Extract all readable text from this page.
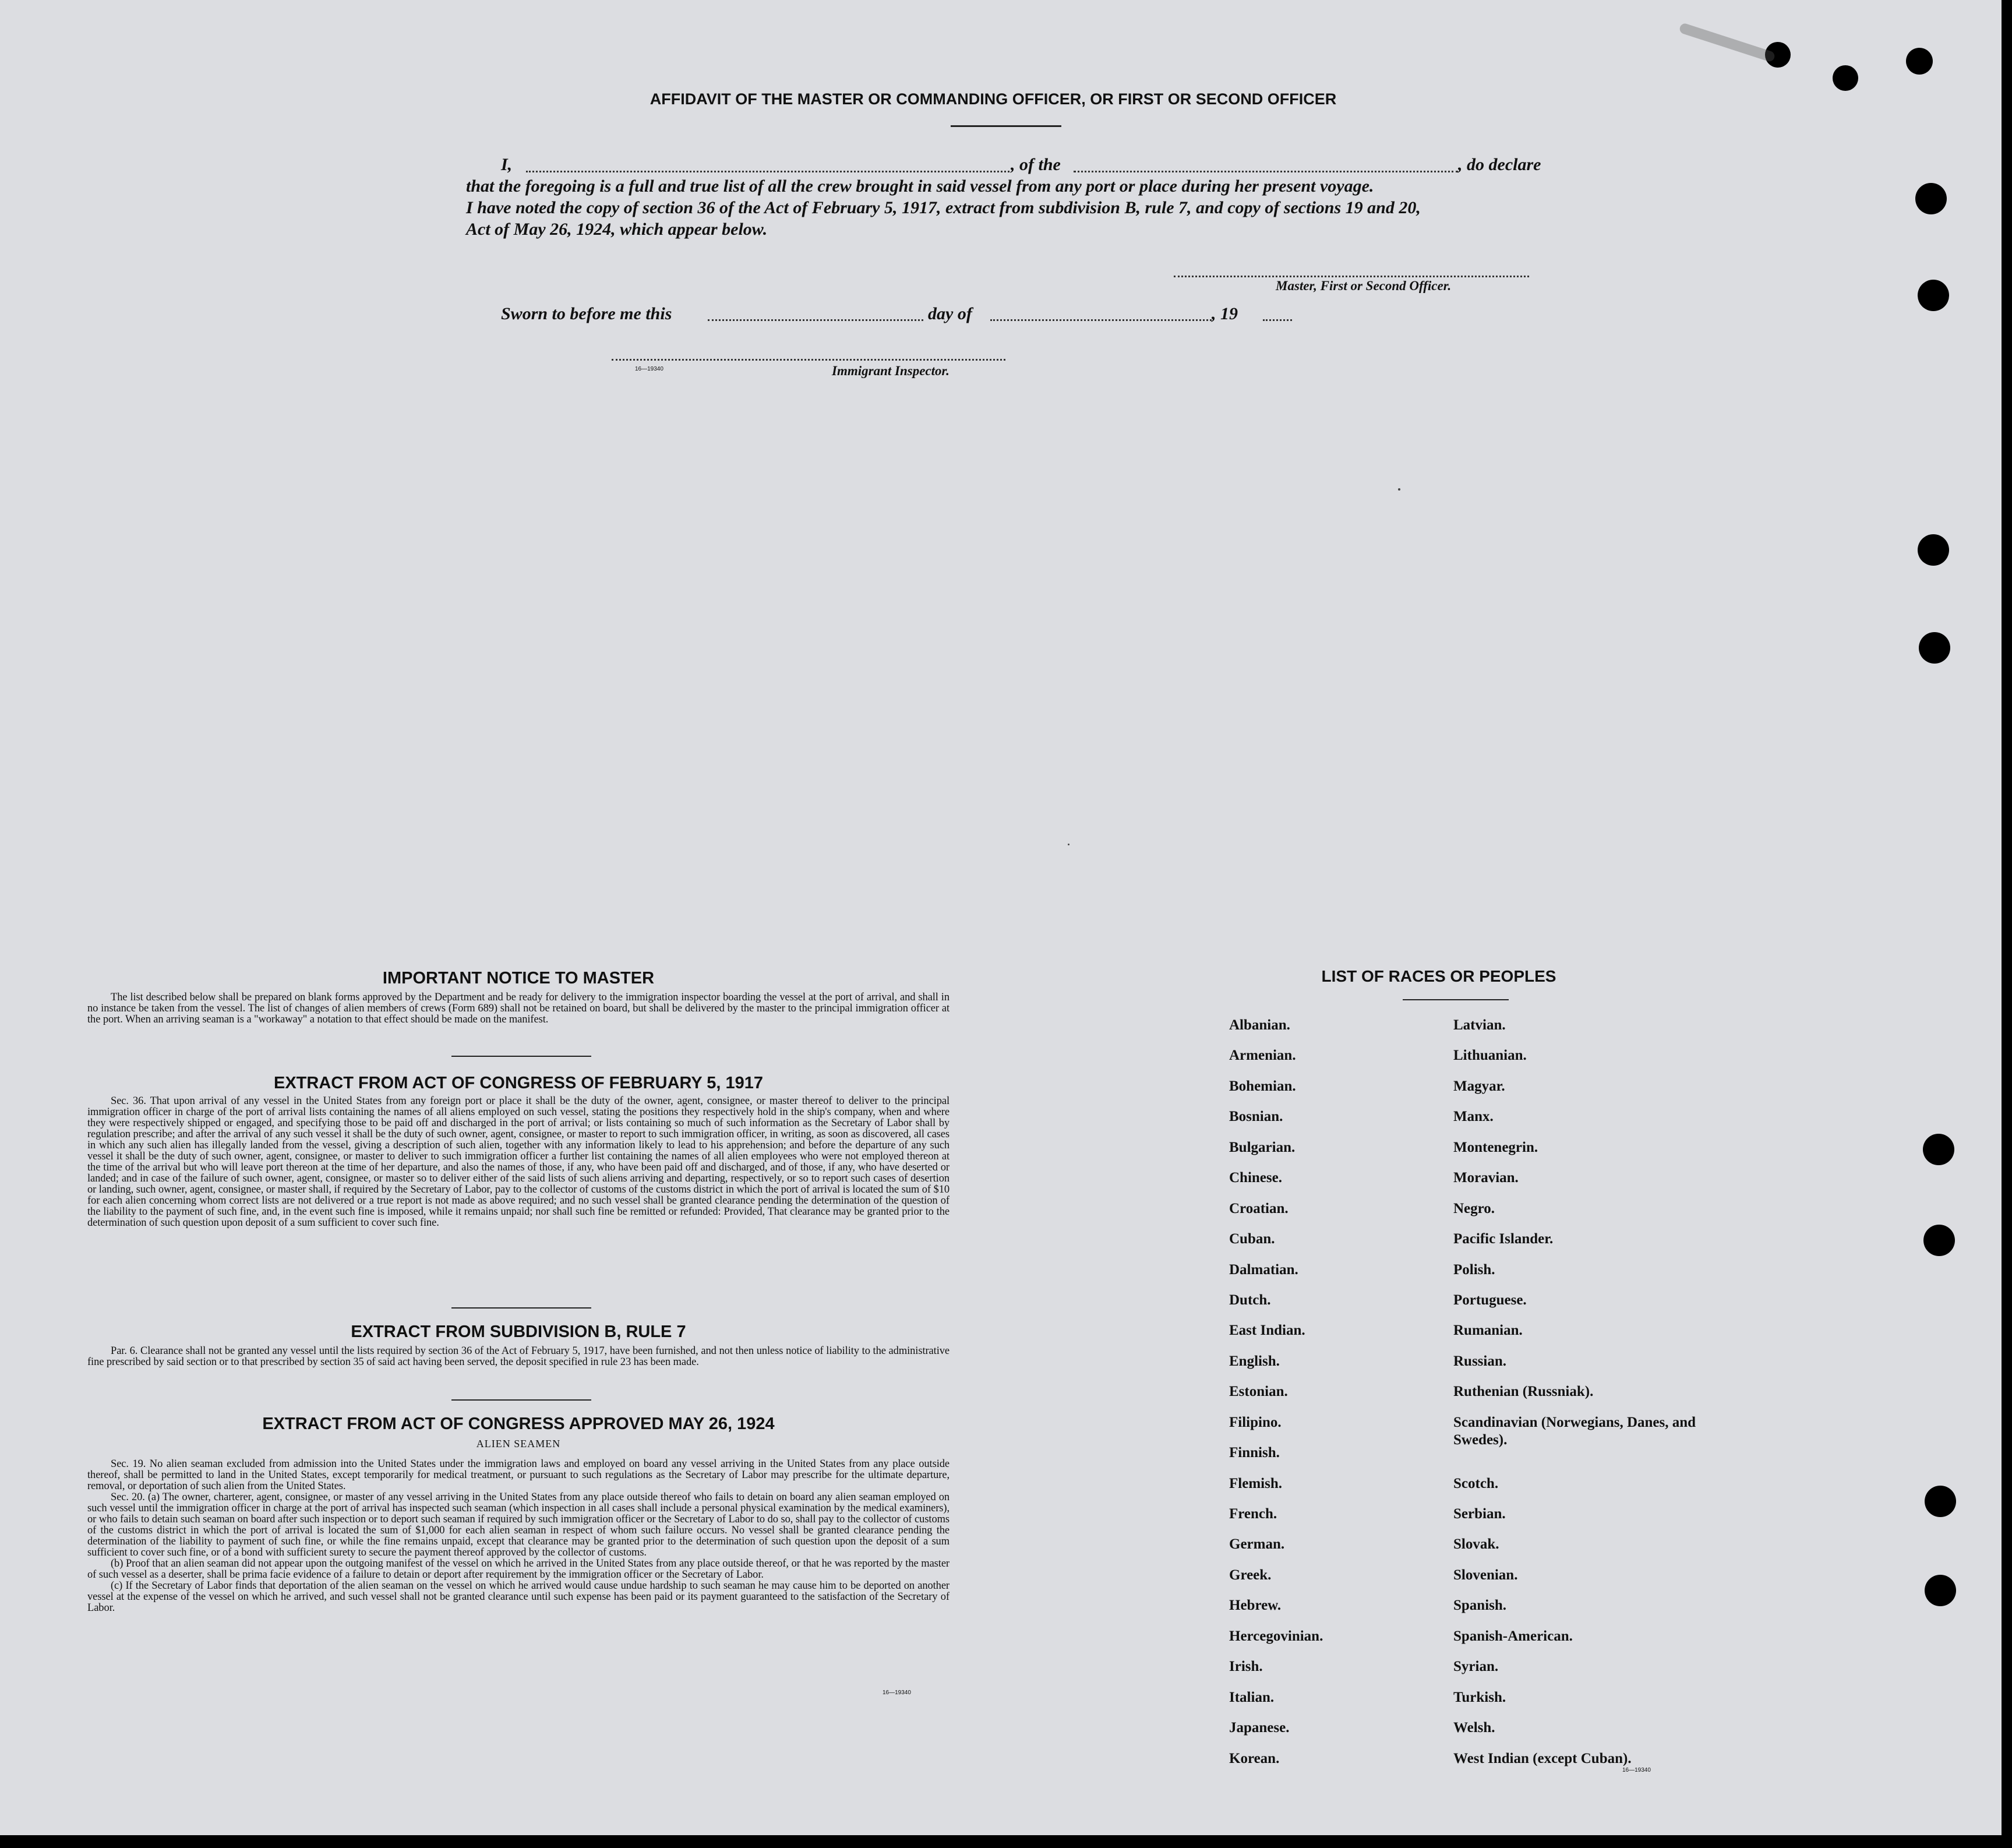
AFFIDAVIT OF THE MASTER OR COMMANDING OFFICER, OR FIRST OR SECOND OFFICER
I,	, of the	, do declare
that the foregoing is a full and true list of all the crew brought in said vessel from any port or place during her present voyage.
I have noted the copy of section 36 of the Act of February 5, 1917, extract from subdivision B, rule 7, and copy of sections 19 and 20,
Act of May 26, 1924, which appear below.
Master, First or Second Officer.
Sworn to before me this	day of	, 19
16—19340	Immigrant Inspector.
IMPORTANT NOTICE TO MASTER

The list described below shall be prepared on blank forms approved by the Department and be ready for delivery to the immigration inspector boarding the vessel at the port of arrival, and shall in no instance be taken from the vessel. The list of changes of alien members of crews (Form 689) shall not be retained on board, but shall be delivered by the master to the principal immigration officer at the port. When an arriving seaman is a "workaway" a notation to that effect should be made on the manifest.

EXTRACT FROM ACT OF CONGRESS OF FEBRUARY 5, 1917

Sec. 36. That upon arrival of any vessel in the United States from any foreign port or place it shall be the duty of the owner, agent, consignee, or master thereof to deliver to the principal immigration officer in charge of the port of arrival lists containing the names of all aliens employed on such vessel, stating the positions they respectively hold in the ship's company, when and where they were respectively shipped or engaged, and specifying those to be paid off and discharged in the port of arrival; or lists containing so much of such information as the Secretary of Labor shall by regulation prescribe; and after the arrival of any such vessel it shall be the duty of such owner, agent, consignee, or master to report to such immigration officer, in writing, as soon as discovered, all cases in which any such alien has illegally landed from the vessel, giving a description of such alien, together with any information likely to lead to his apprehension; and before the departure of any such vessel it shall be the duty of such owner, agent, consignee, or master to deliver to such immigration officer a further list containing the names of all alien employees who were not employed thereon at the time of the arrival but who will leave port thereon at the time of her departure, and also the names of those, if any, who have been paid off and discharged, and of those, if any, who have deserted or landed; and in case of the failure of such owner, agent, consignee, or master so to deliver either of the said lists of such aliens arriving and departing, respectively, or so to report such cases of desertion or landing, such owner, agent, consignee, or master shall, if required by the Secretary of Labor, pay to the collector of customs of the customs district in which the port of arrival is located the sum of $10 for each alien concerning whom correct lists are not delivered or a true report is not made as above required; and no such vessel shall be granted clearance pending the determination of the question of the liability to the payment of such fine, and, in the event such fine is imposed, while it remains unpaid; nor shall such fine be remitted or refunded: Provided, That clearance may be granted prior to the determination of such question upon deposit of a sum sufficient to cover such fine.

EXTRACT FROM SUBDIVISION B, RULE 7

Par. 6. Clearance shall not be granted any vessel until the lists required by section 36 of the Act of February 5, 1917, have been furnished, and not then unless notice of liability to the administrative fine prescribed by said section or to that prescribed by section 35 of said act having been served, the deposit specified in rule 23 has been made.

EXTRACT FROM ACT OF CONGRESS APPROVED MAY 26, 1924
ALIEN SEAMEN

Sec. 19. No alien seaman excluded from admission into the United States under the immigration laws and employed on board any vessel arriving in the United States from any place outside thereof, shall be permitted to land in the United States, except temporarily for medical treatment, or pursuant to such regulations as the Secretary of Labor may prescribe for the ultimate departure, removal, or deportation of such alien from the United States.

Sec. 20. (a) The owner, charterer, agent, consignee, or master of any vessel arriving in the United States from any place outside thereof who fails to detain on board any alien seaman employed on such vessel until the immigration officer in charge at the port of arrival has inspected such seaman (which inspection in all cases shall include a personal physical examination by the medical examiners), or who fails to detain such seaman on board after such inspection or to deport such seaman if required by such immigration officer or the Secretary of Labor to do so, shall pay to the collector of customs of the customs district in which the port of arrival is located the sum of $1,000 for each alien seaman in respect of whom such failure occurs. No vessel shall be granted clearance pending the determination of the liability to payment of such fine, or while the fine remains unpaid, except that clearance may be granted prior to the determination of such question upon the deposit of a sum sufficient to cover such fine, or of a bond with sufficient surety to secure the payment thereof approved by the collector of customs.

(b) Proof that an alien seaman did not appear upon the outgoing manifest of the vessel on which he arrived in the United States from any place outside thereof, or that he was reported by the master of such vessel as a deserter, shall be prima facie evidence of a failure to detain or deport after requirement by the immigration officer or the Secretary of Labor.

(c) If the Secretary of Labor finds that deportation of the alien seaman on the vessel on which he arrived would cause undue hardship to such seaman he may cause him to be deported on another vessel at the expense of the vessel on which he arrived, and such vessel shall not be granted clearance until such expense has been paid or its payment guaranteed to the satisfaction of the Secretary of Labor.

16—19340
LIST OF RACES OR PEOPLES
Albanian.
Armenian.
Bohemian.
Bosnian.
Bulgarian.
Chinese.
Croatian.
Cuban.
Dalmatian.
Dutch.
East Indian.
English.
Estonian.
Filipino.
Finnish.
Flemish.
French.
German.
Greek.
Hebrew.
Hercegovinian.
Irish.
Italian.
Japanese.
Korean.
Latvian.
Lithuanian.
Magyar.
Manx.
Montenegrin.
Moravian.
Negro.
Pacific Islander.
Polish.
Portuguese.
Rumanian.
Russian.
Ruthenian (Russniak).
Scandinavian (Norwegians, Danes, and Swedes).
Scotch.
Serbian.
Slovak.
Slovenian.
Spanish.
Spanish-American.
Syrian.
Turkish.
Welsh.
West Indian (except Cuban).
16—19340
